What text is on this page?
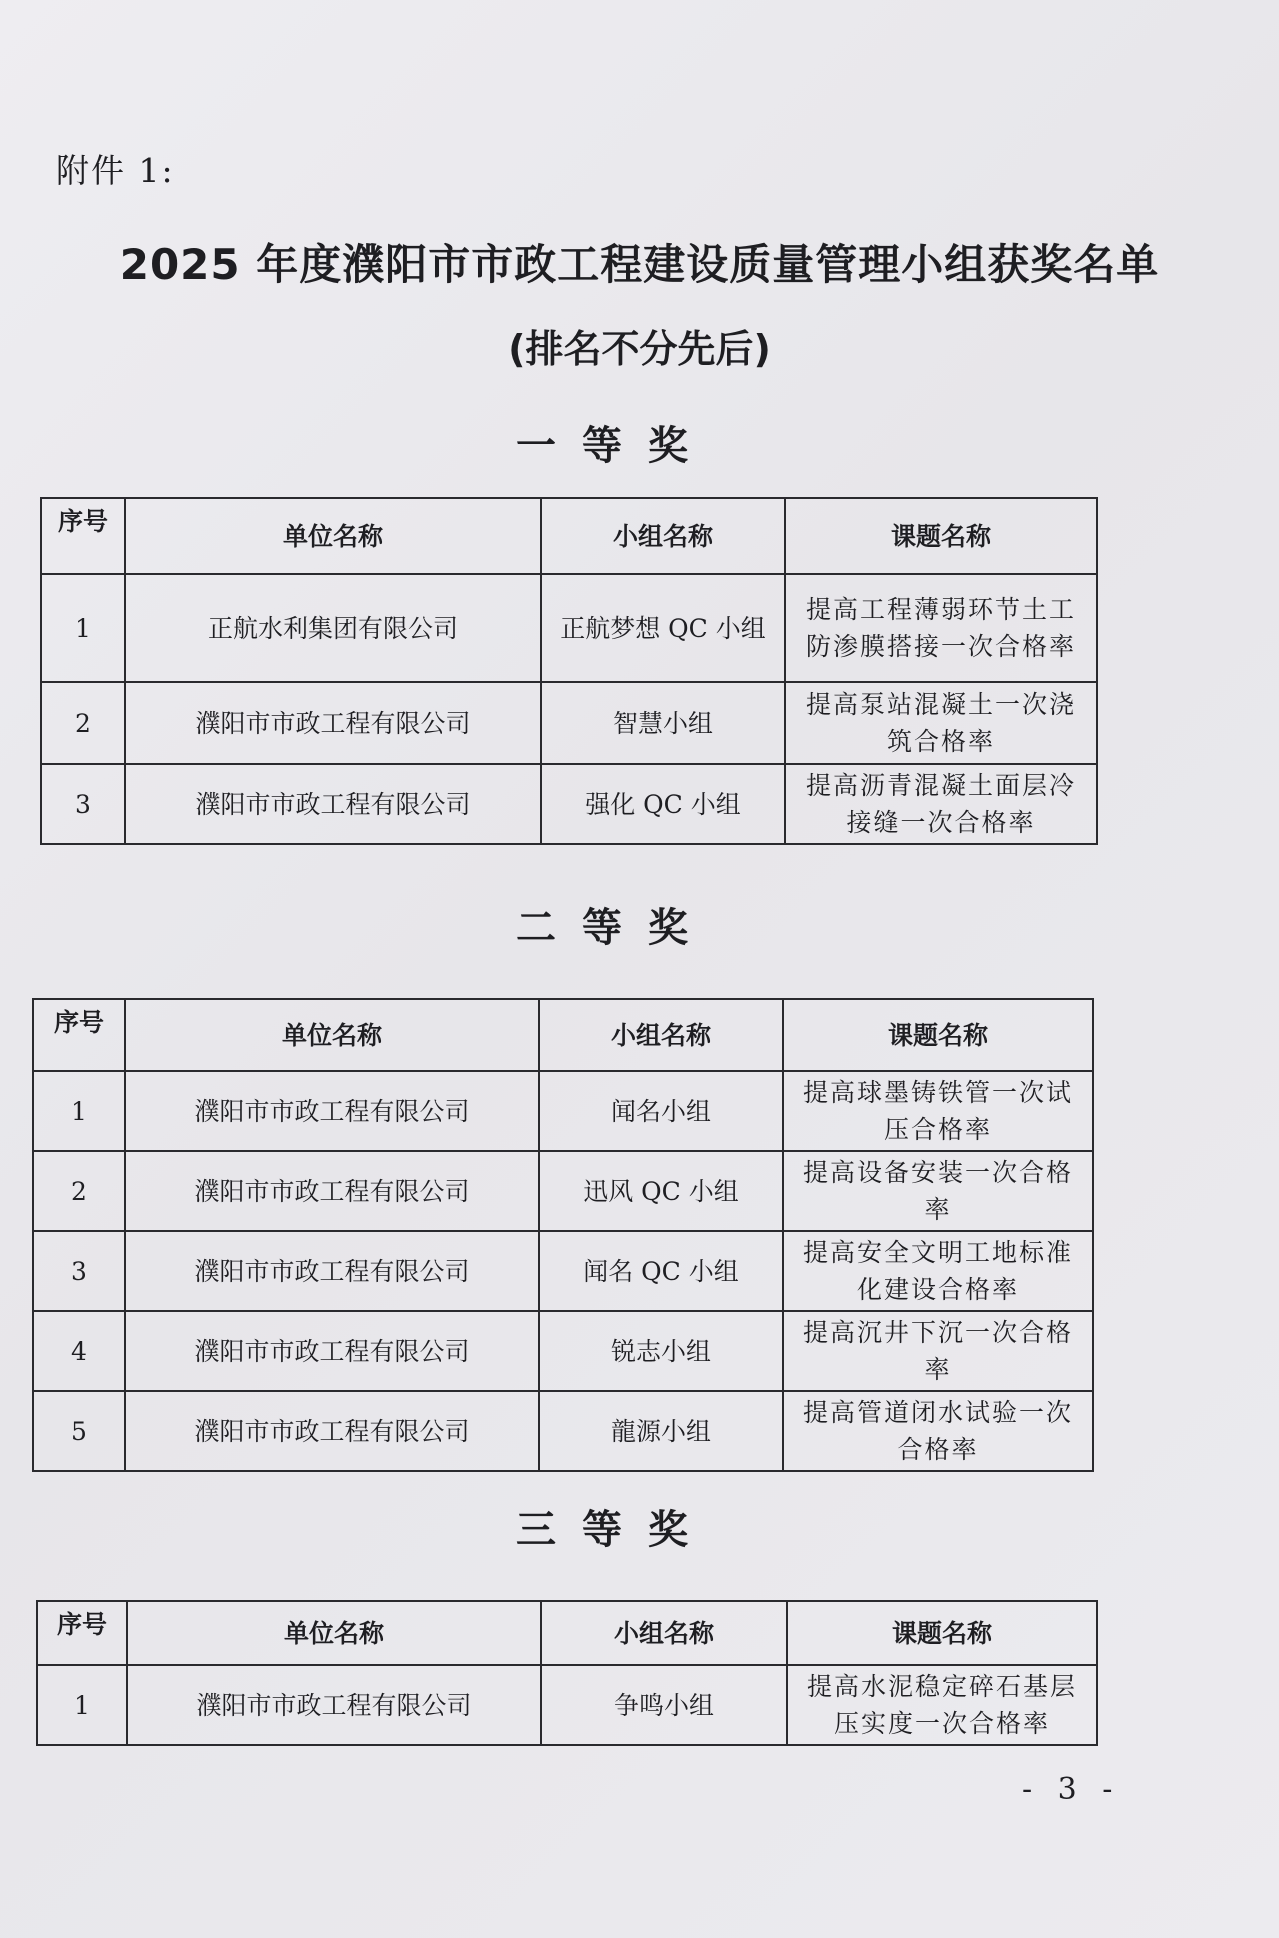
附件 1:
2025 年度濮阳市市政工程建设质量管理小组获奖名单
(排名不分先后)
一等奖
序号	单位名称	小组名称	课题名称
1	正航水利集团有限公司	正航梦想 QC 小组	提高工程薄弱环节土工防渗膜搭接一次合格率
2	濮阳市市政工程有限公司	智慧小组	提高泵站混凝土一次浇筑合格率
3	濮阳市市政工程有限公司	强化 QC 小组	提高沥青混凝土面层冷接缝一次合格率
二等奖
序号	单位名称	小组名称	课题名称
1	濮阳市市政工程有限公司	闻名小组	提高球墨铸铁管一次试压合格率
2	濮阳市市政工程有限公司	迅风 QC 小组	提高设备安装一次合格率
3	濮阳市市政工程有限公司	闻名 QC 小组	提高安全文明工地标准化建设合格率
4	濮阳市市政工程有限公司	锐志小组	提高沉井下沉一次合格率
5	濮阳市市政工程有限公司	龍源小组	提高管道闭水试验一次合格率
三等奖
序号	单位名称	小组名称	课题名称
1	濮阳市市政工程有限公司	争鸣小组	提高水泥稳定碎石基层压实度一次合格率
- 3 -
